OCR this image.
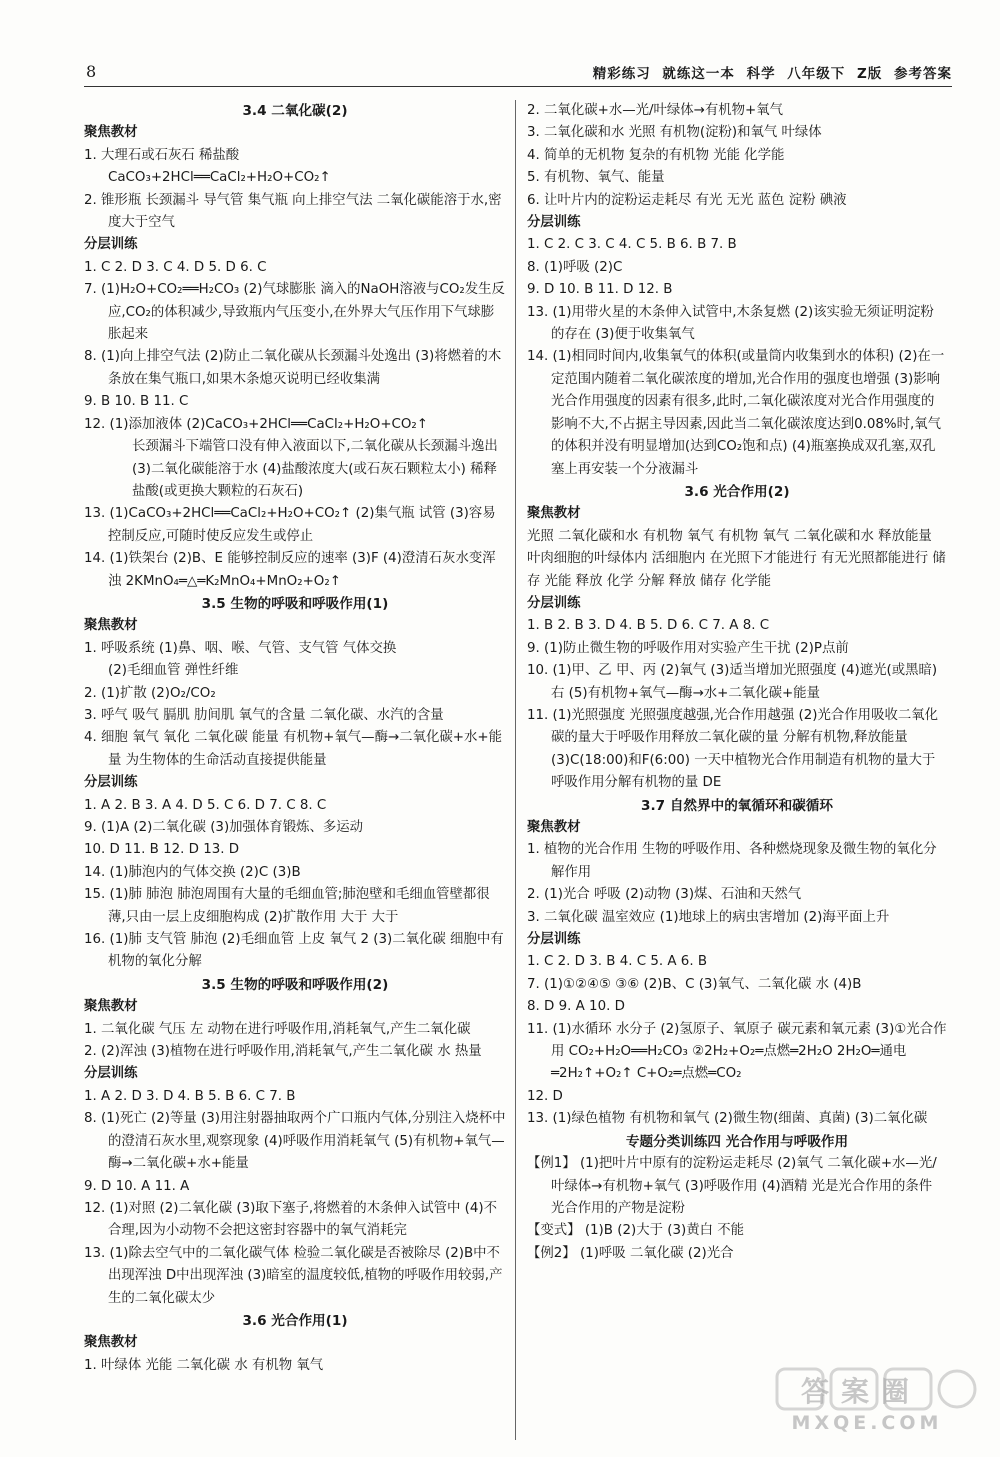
8	精彩练习 就练这一本 科学 八年级下 Z版 参考答案
3.4 二氧化碳(2)
聚焦教材
1. 大理石或石灰石 稀盐酸
CaCO₃+2HCl══CaCl₂+H₂O+CO₂↑
2. 锥形瓶 长颈漏斗 导气管 集气瓶 向上排空气法 二氧化碳能溶于水,密度大于空气
分层训练
1. C 2. D 3. C 4. D 5. D 6. C
7. (1)H₂O+CO₂══H₂CO₃ (2)气球膨胀 滴入的NaOH溶液与CO₂发生反应,CO₂的体积减少,导致瓶内气压变小,在外界大气压作用下气球膨胀起来
8. (1)向上排空气法 (2)防止二氧化碳从长颈漏斗处逸出 (3)将燃着的木条放在集气瓶口,如果木条熄灭说明已经收集满
9. B 10. B 11. C
12. (1)添加液体 (2)CaCO₃+2HCl══CaCl₂+H₂O+CO₂↑
长颈漏斗下端管口没有伸入液面以下,二氧化碳从长颈漏斗逸出 (3)二氧化碳能溶于水 (4)盐酸浓度大(或石灰石颗粒太小) 稀释盐酸(或更换大颗粒的石灰石)
13. (1)CaCO₃+2HCl══CaCl₂+H₂O+CO₂↑ (2)集气瓶 试管 (3)容易控制反应,可随时使反应发生或停止
14. (1)铁架台 (2)B、E 能够控制反应的速率 (3)F (4)澄清石灰水变浑浊 2KMnO₄═△═K₂MnO₄+MnO₂+O₂↑
3.5 生物的呼吸和呼吸作用(1)
聚焦教材
1. 呼吸系统 (1)鼻、咽、喉、气管、支气管 气体交换
(2)毛细血管 弹性纤维
2. (1)扩散 (2)O₂/CO₂
3. 呼气 吸气 膈肌 肋间肌 氧气的含量 二氧化碳、水汽的含量
4. 细胞 氧气 氧化 二氧化碳 能量 有机物+氧气—酶→二氧化碳+水+能量 为生物体的生命活动直接提供能量
分层训练
1. A 2. B 3. A 4. D 5. C 6. D 7. C 8. C
9. (1)A (2)二氧化碳 (3)加强体育锻炼、多运动
10. D 11. B 12. D 13. D
14. (1)肺泡内的气体交换 (2)C (3)B
15. (1)肺 肺泡 肺泡周围有大量的毛细血管;肺泡壁和毛细血管壁都很薄,只由一层上皮细胞构成 (2)扩散作用 大于 大于
16. (1)肺 支气管 肺泡 (2)毛细血管 上皮 氧气 2 (3)二氧化碳 细胞中有机物的氧化分解
3.5 生物的呼吸和呼吸作用(2)
聚焦教材
1. 二氧化碳 气压 左 动物在进行呼吸作用,消耗氧气,产生二氧化碳
2. (2)浑浊 (3)植物在进行呼吸作用,消耗氧气,产生二氧化碳 水 热量
分层训练
1. A 2. D 3. D 4. B 5. B 6. C 7. B
8. (1)死亡 (2)等量 (3)用注射器抽取两个广口瓶内气体,分别注入烧杯中的澄清石灰水里,观察现象 (4)呼吸作用消耗氧气 (5)有机物+氧气—酶→二氧化碳+水+能量
9. D 10. A 11. A
12. (1)对照 (2)二氧化碳 (3)取下塞子,将燃着的木条伸入试管中 (4)不合理,因为小动物不会把这密封容器中的氧气消耗完
13. (1)除去空气中的二氧化碳气体 检验二氧化碳是否被除尽 (2)B中不出现浑浊 D中出现浑浊 (3)暗室的温度较低,植物的呼吸作用较弱,产生的二氧化碳太少
3.6 光合作用(1)
聚焦教材
1. 叶绿体 光能 二氧化碳 水 有机物 氧气
2. 二氧化碳+水—光/叶绿体→有机物+氧气
3. 二氧化碳和水 光照 有机物(淀粉)和氧气 叶绿体
4. 简单的无机物 复杂的有机物 光能 化学能
5. 有机物、氧气、能量
6. 让叶片内的淀粉运走耗尽 有光 无光 蓝色 淀粉 碘液
分层训练
1. C 2. C 3. C 4. C 5. B 6. B 7. B
8. (1)呼吸 (2)C
9. D 10. B 11. D 12. B
13. (1)用带火星的木条伸入试管中,木条复燃 (2)该实验无须证明淀粉的存在 (3)便于收集氧气
14. (1)相同时间内,收集氧气的体积(或量筒内收集到水的体积) (2)在一定范围内随着二氧化碳浓度的增加,光合作用的强度也增强 (3)影响光合作用强度的因素有很多,此时,二氧化碳浓度对光合作用强度的影响不大,不占据主导因素,因此当二氧化碳浓度达到0.08%时,氧气的体积并没有明显增加(达到CO₂饱和点) (4)瓶塞换成双孔塞,双孔塞上再安装一个分液漏斗
3.6 光合作用(2)
聚焦教材
光照 二氧化碳和水 有机物 氧气 有机物 氧气 二氧化碳和水 释放能量 叶肉细胞的叶绿体内 活细胞内 在光照下才能进行 有无光照都能进行 储存 光能 释放 化学 分解 释放 储存 化学能
分层训练
1. B 2. B 3. D 4. B 5. D 6. C 7. A 8. C
9. (1)防止微生物的呼吸作用对实验产生干扰 (2)P点前
10. (1)甲、乙 甲、丙 (2)氧气 (3)适当增加光照强度 (4)遮光(或黑暗) 右 (5)有机物+氧气—酶→水+二氧化碳+能量
11. (1)光照强度 光照强度越强,光合作用越强 (2)光合作用吸收二氧化碳的量大于呼吸作用释放二氧化碳的量 分解有机物,释放能量 (3)C(18:00)和F(6:00) 一天中植物光合作用制造有机物的量大于呼吸作用分解有机物的量 DE
3.7 自然界中的氧循环和碳循环
聚焦教材
1. 植物的光合作用 生物的呼吸作用、各种燃烧现象及微生物的氧化分解作用
2. (1)光合 呼吸 (2)动物 (3)煤、石油和天然气
3. 二氧化碳 温室效应 (1)地球上的病虫害增加 (2)海平面上升
分层训练
1. C 2. D 3. B 4. C 5. A 6. B
7. (1)①②④⑤ ③⑥ (2)B、C (3)氧气、二氧化碳 水 (4)B
8. D 9. A 10. D
11. (1)水循环 水分子 (2)氢原子、氧原子 碳元素和氧元素 (3)①光合作用 CO₂+H₂O══H₂CO₃ ②2H₂+O₂═点燃═2H₂O 2H₂O═通电═2H₂↑+O₂↑ C+O₂═点燃═CO₂
12. D
13. (1)绿色植物 有机物和氧气 (2)微生物(细菌、真菌) (3)二氧化碳
专题分类训练四 光合作用与呼吸作用
【例1】 (1)把叶片中原有的淀粉运走耗尽 (2)氧气 二氧化碳+水—光/叶绿体→有机物+氧气 (3)呼吸作用 (4)酒精 光是光合作用的条件 光合作用的产物是淀粉
【变式】 (1)B (2)大于 (3)黄白 不能
【例2】 (1)呼吸 二氧化碳 (2)光合
答案圈
MXQE.COM
